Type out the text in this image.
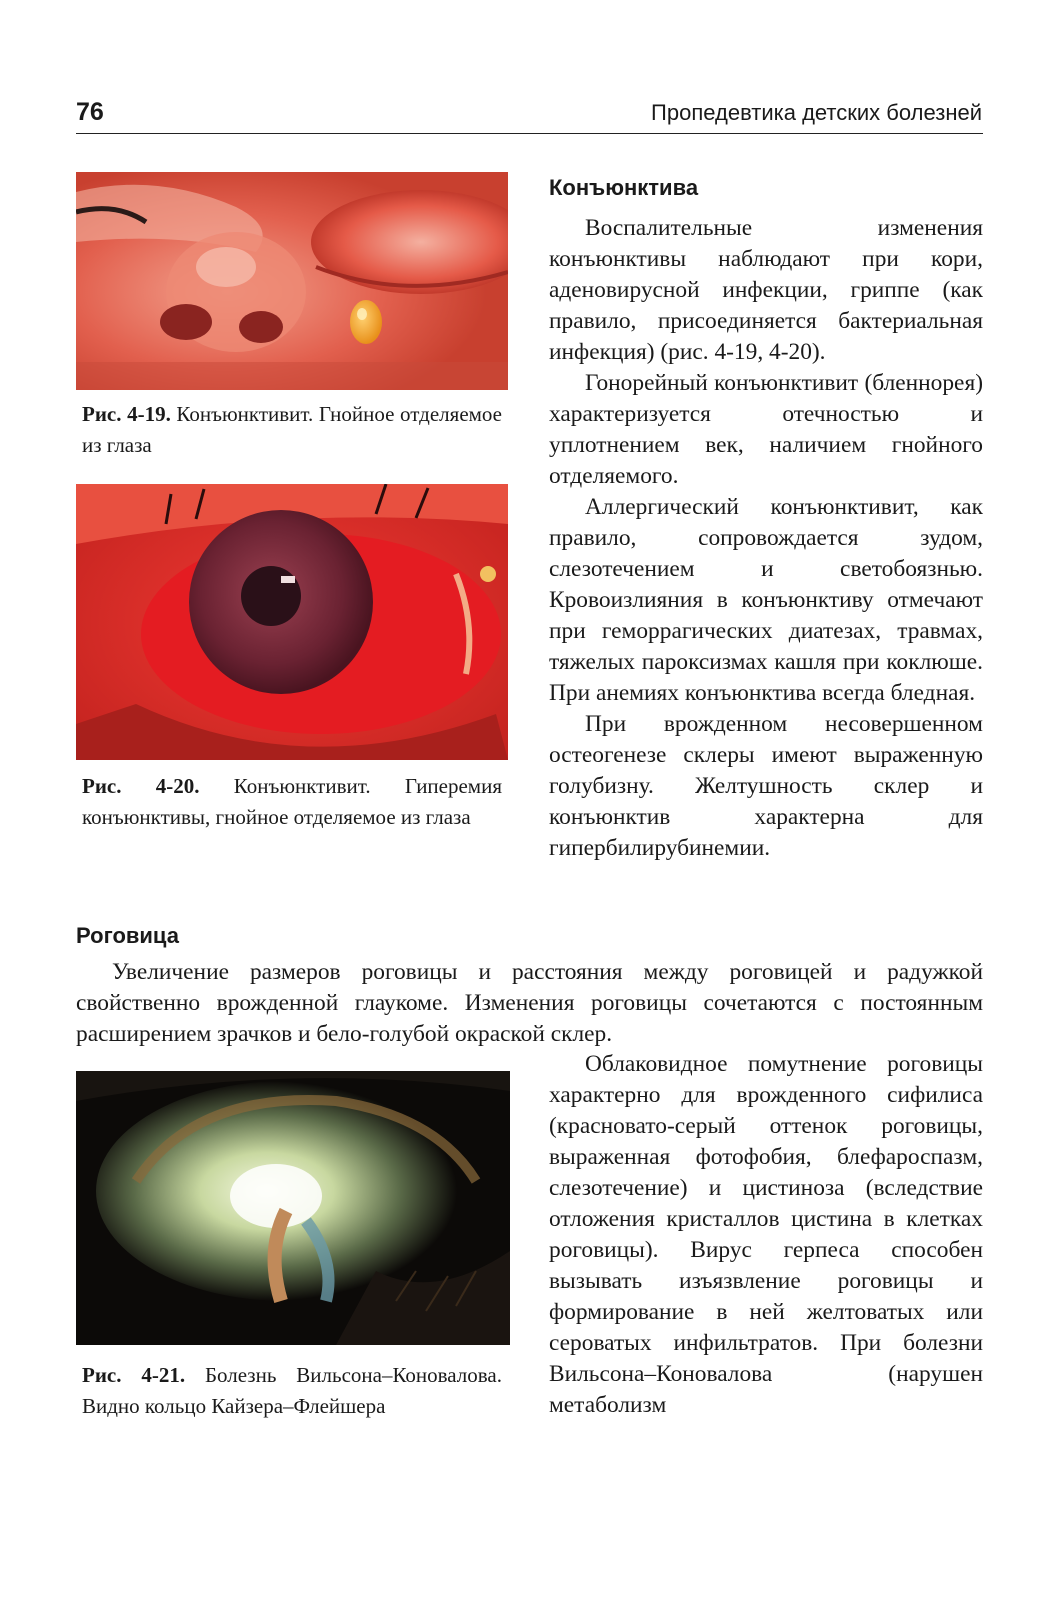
76	Пропедевтика детских болезней
Рис. 4-19. Конъюнктивит. Гнойное отделяемое из глаза
Рис. 4-20. Конъюнктивит. Гиперемия конъюнктивы, гнойное отделяемое из глаза
Конъюнктива

Воспалительные изменения конъюнктивы наблюдают при кори, аденовирусной инфекции, гриппе (как правило, присоединяется бактериальная инфекция) (рис. 4-19, 4-20).

Гонорейный конъюнктивит (бленнорея) характеризуется отечностью и уплотнением век, наличием гнойного отделяемого.

Аллергический конъюнктивит, как правило, сопровождается зудом, слезотечением и светобоязнью. Кровоизлияния в конъюнктиву отмечают при геморрагических диатезах, травмах, тяжелых пароксизмах кашля при коклюше. При анемиях конъюнктива всегда бледная.

При врожденном несовершенном остеогенезе склеры имеют выраженную голубизну. Желтушность склер и конъюнктив характерна для гипербилирубинемии.

Роговица

Увеличение размеров роговицы и расстояния между роговицей и радужкой свойственно врожденной глаукоме. Изменения роговицы сочетаются с постоянным расширением зрачков и бело-голубой окраской склер.

Рис. 4-21. Болезнь Вильсона–Коновалова. Видно кольцо Кайзера–Флейшера

Облаковидное помутнение роговицы характерно для врожденного сифилиса (красновато-серый оттенок роговицы, выраженная фотофобия, блефароспазм, слезотечение) и цистиноза (вследствие отложения кристаллов цистина в клетках роговицы). Вирус герпеса способен вызывать изъязвление роговицы и формирование в ней желтоватых или сероватых инфильтратов. При болезни Вильсона–Коновалова (нарушен метаболизм
